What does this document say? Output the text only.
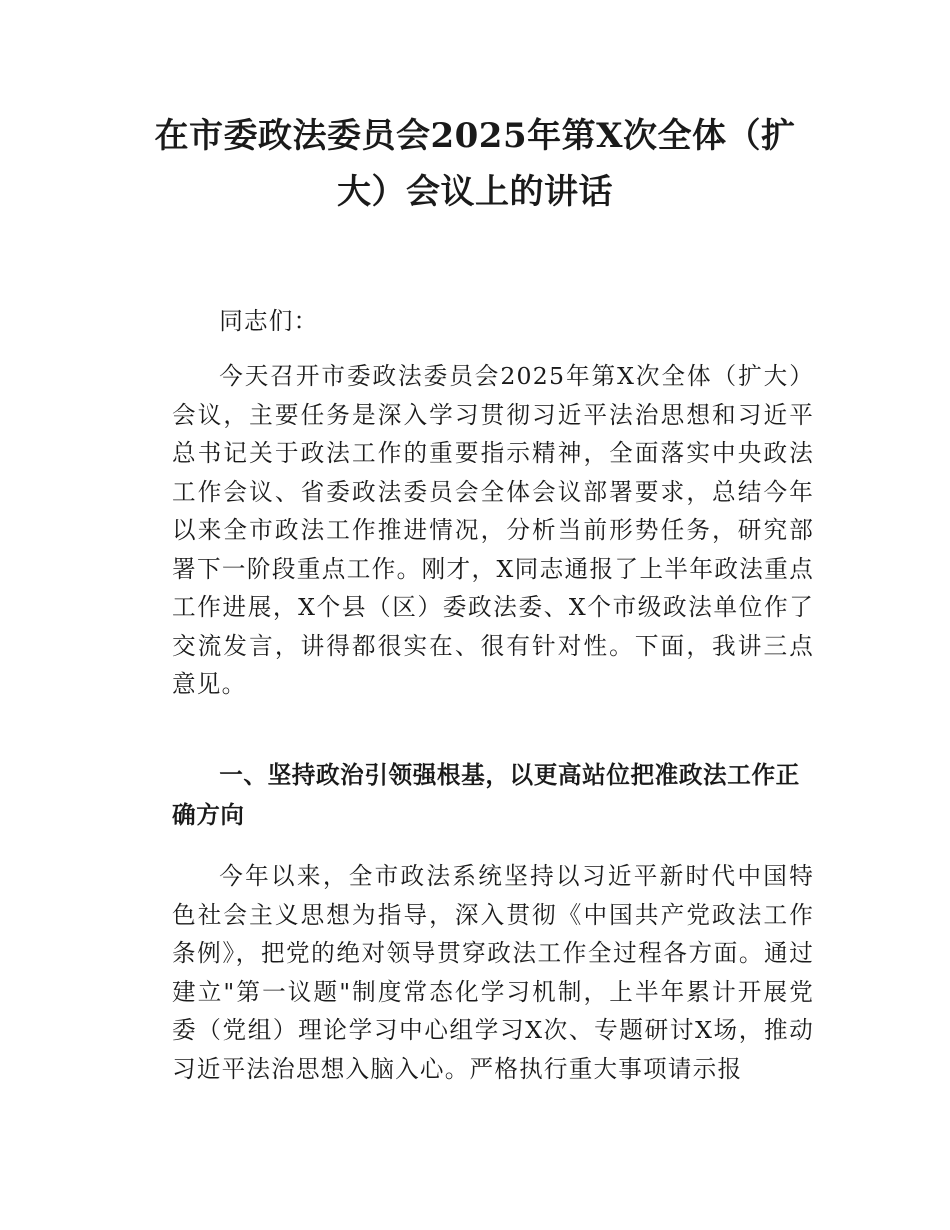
在市委政法委员会2025年第X次全体（扩大）会议上的讲话

同志们：

今天召开市委政法委员会2025年第X次全体（扩大）会议，主要任务是深入学习贯彻习近平法治思想和习近平总书记关于政法工作的重要指示精神，全面落实中央政法工作会议、省委政法委员会全体会议部署要求，总结今年以来全市政法工作推进情况，分析当前形势任务，研究部署下一阶段重点工作。刚才，X同志通报了上半年政法重点工作进展，X个县（区）委政法委、X个市级政法单位作了交流发言，讲得都很实在、很有针对性。下面，我讲三点意见。

一、坚持政治引领强根基，以更高站位把准政法工作正确方向

今年以来，全市政法系统坚持以习近平新时代中国特色社会主义思想为指导，深入贯彻《中国共产党政法工作条例》，把党的绝对领导贯穿政法工作全过程各方面。通过建立"第一议题"制度常态化学习机制，上半年累计开展党委（党组）理论学习中心组学习X次、专题研讨X场，推动习近平法治思想入脑入心。严格执行重大事项请示报
